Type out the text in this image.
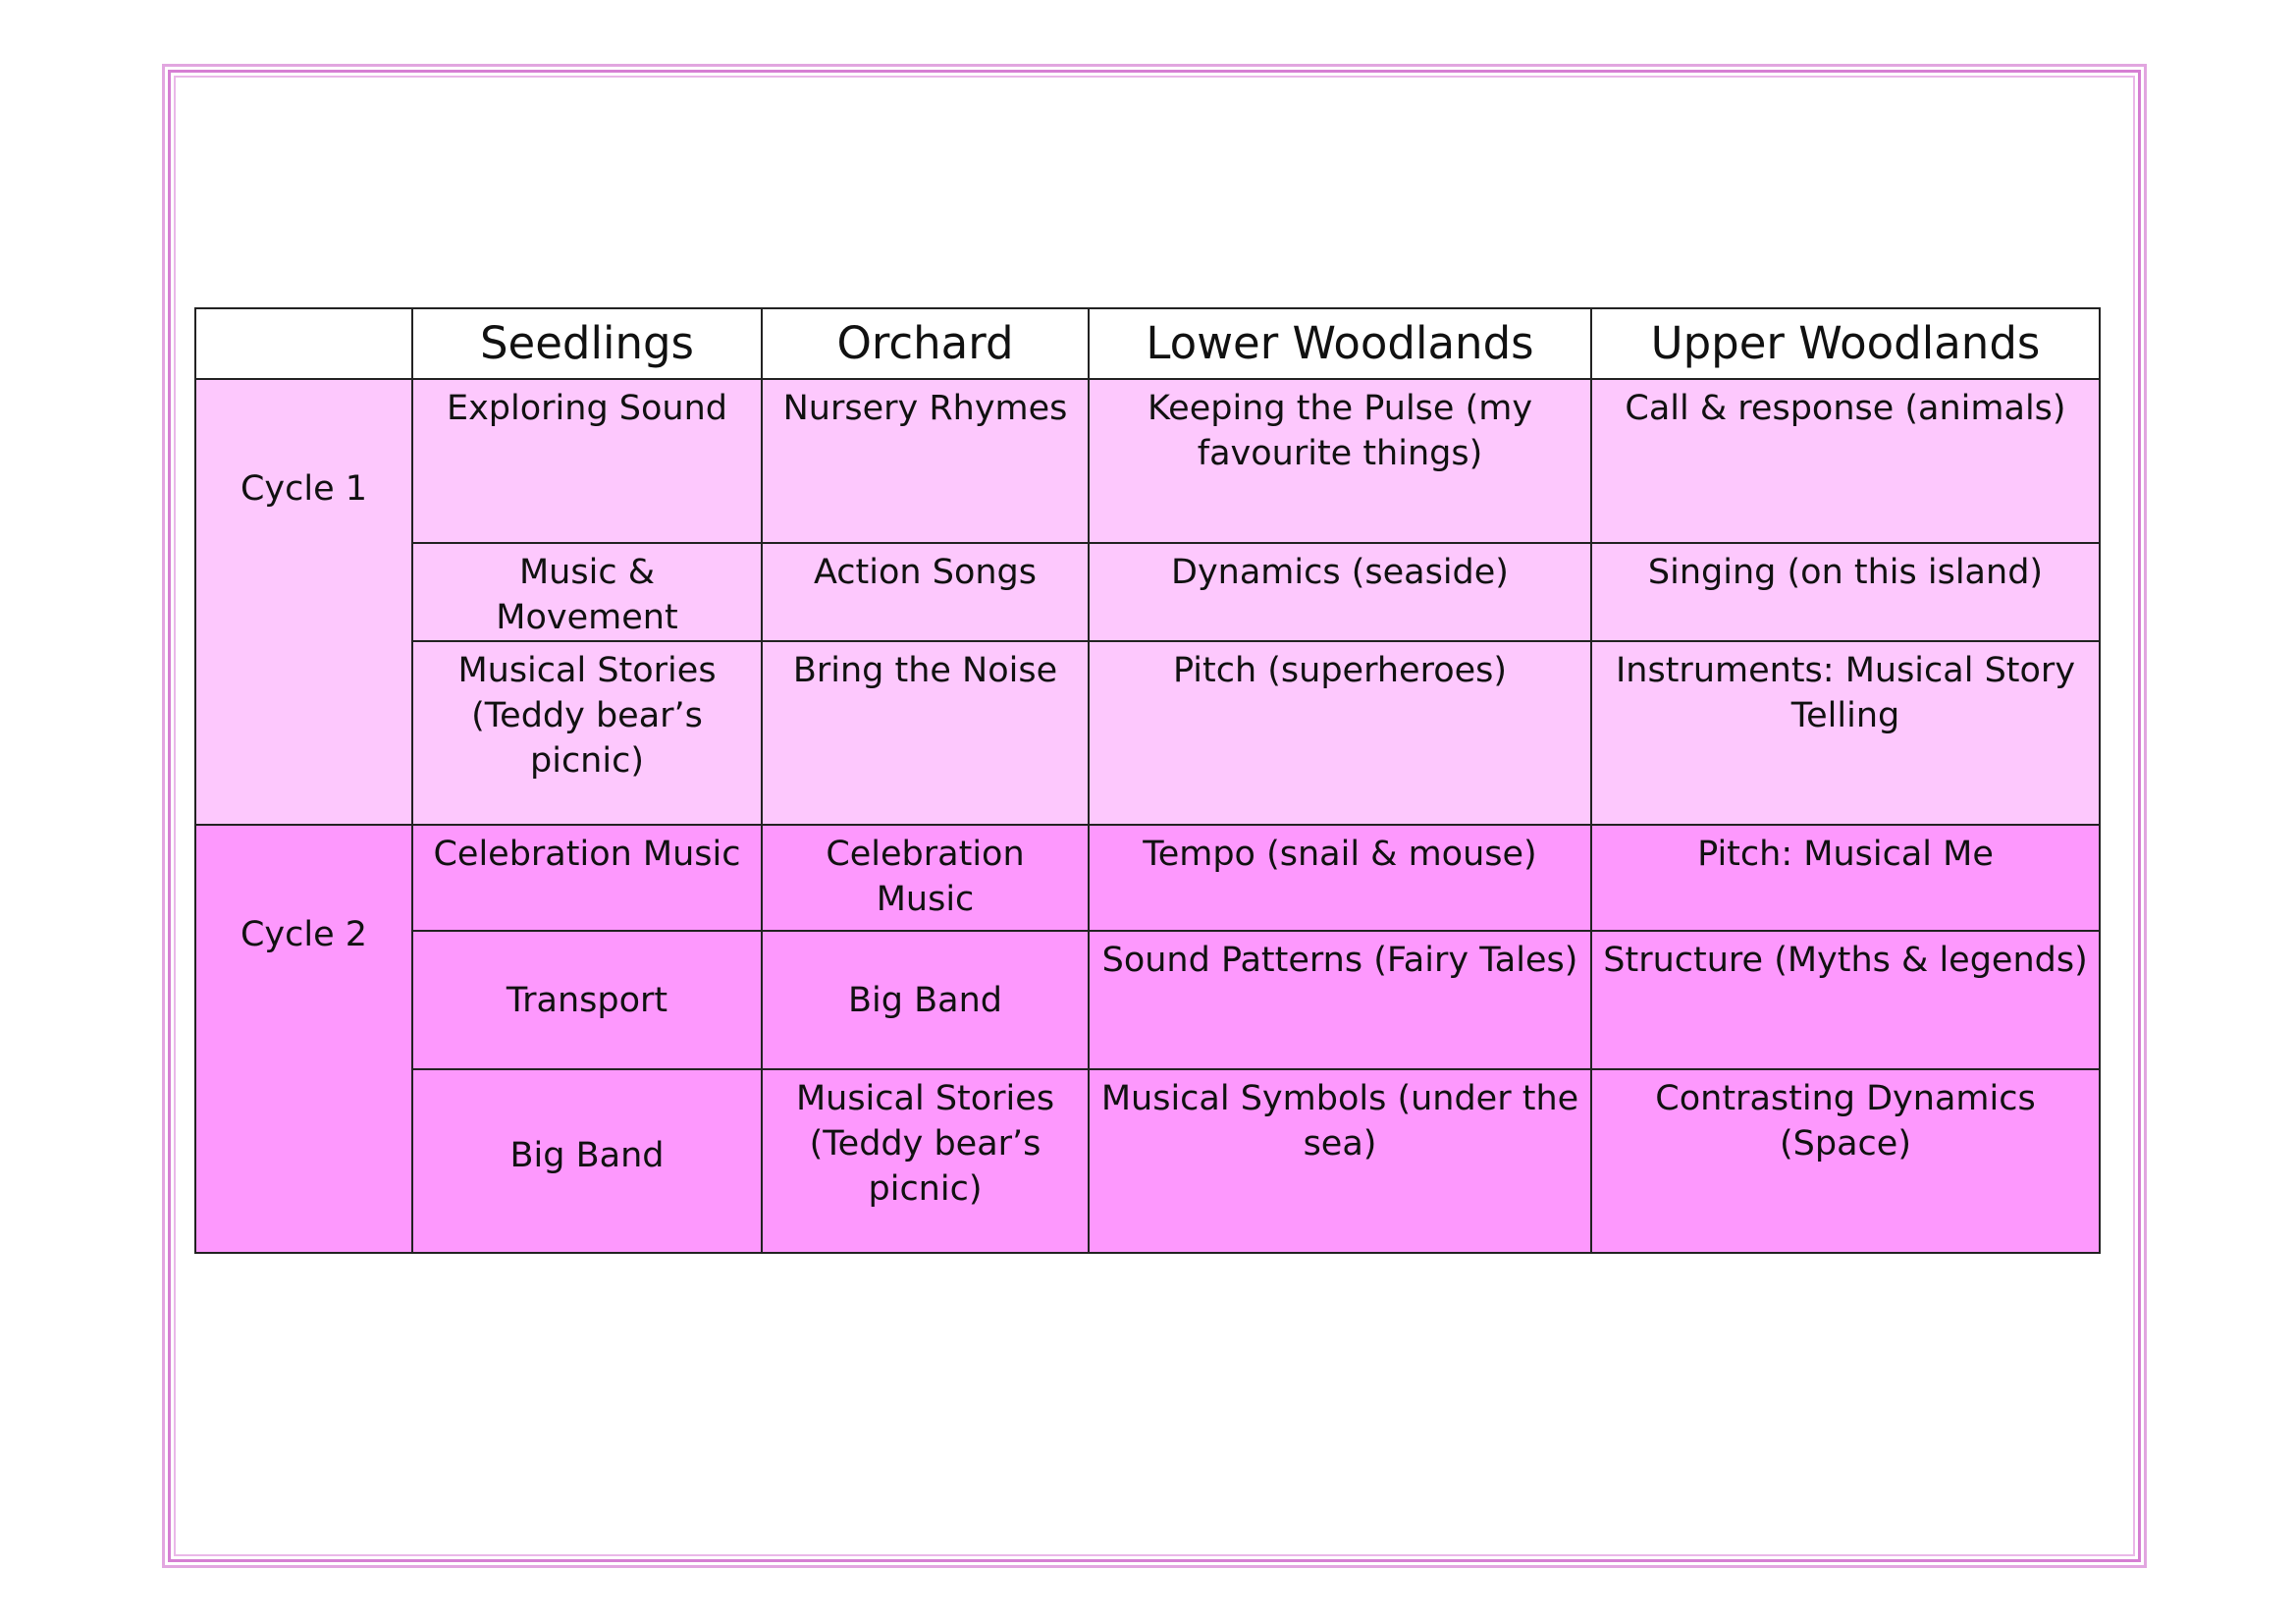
	Seedlings	Orchard	Lower Woodlands	Upper Woodlands

Cycle 1	Exploring Sound	Nursery Rhymes	Keeping the Pulse (my favourite things)	Call & response (animals)
	Music & Movement	Action Songs	Dynamics (seaside)	Singing (on this island)
	Musical Stories (Teddy bear’s picnic)	Bring the Noise	Pitch (superheroes)	Instruments: Musical Story Telling

Cycle 2	Celebration Music	Celebration Music	Tempo (snail & mouse)	Pitch: Musical Me
	Transport	Big Band	Sound Patterns (Fairy Tales)	Structure (Myths & legends)
	Big Band	Musical Stories (Teddy bear’s picnic)	Musical Symbols (under the sea)	Contrasting Dynamics (Space)
